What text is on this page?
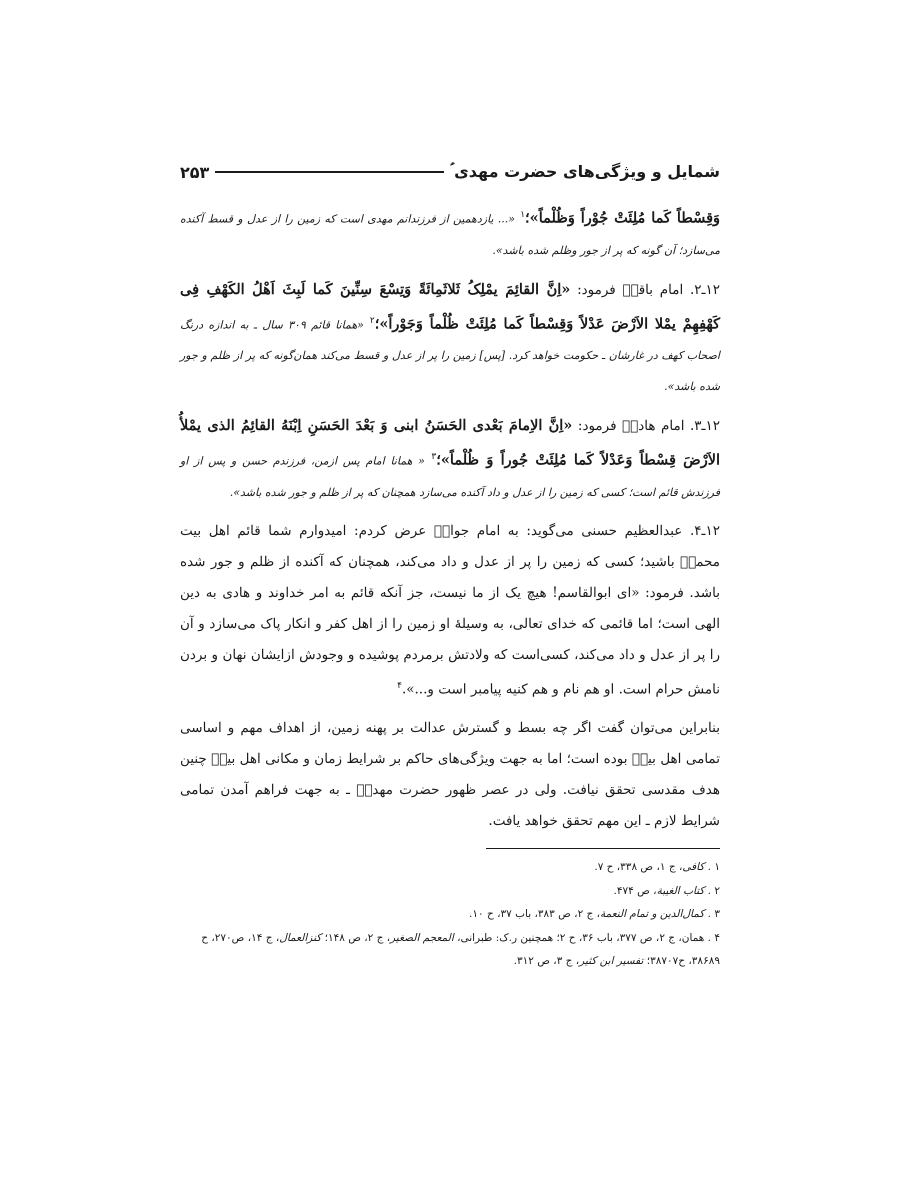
شمایل و ویژگی‌های حضرت مهدی ؑ
۲۵۳

وَقِسْطاً کَما مُلِئَتْ جُوْراً وَظُلْماً»؛$^۱$ «... یازدهمین از فرزندانم مهدی است که زمین را از عدل و قسط آکنده می‌سازد؛ آن گونه که پر از جور وظلم شده باشد».

۱۲ـ۲. امام باقرؑ فرمود: «اِنَّ القائِمَ یمْلِکُ ثَلاثَمِائَةً وَتِسْعَ سِنِّینَ کَما لَبِثَ اَهْلُ الکَهْفِ فِی کَهْفِهِمْ یمْلا الاَرْضَ عَدْلاً وَقِسْطاً کَما مُلِئَتْ ظُلْماً وَجَوْراً»؛$^۲$ «همانا قائم ۳۰۹ سال ـ به اندازه درنگ اصحاب کهف در غارشان ـ حکومت خواهد کرد. [پس] زمین را پر از عدل و قسط می‌کند همان‌گونه که پر از ظلم و جور شده باشد».

۱۲ـ۳. امام هادیؑ فرمود: «اِنَّ الاِمامَ بَعْدی الحَسَنُ ابنی وَ بَعْدَ الحَسَنِ اِبْنَهُ القائِمُ الذی یمْلأُ الاَرْضَ قِسْطاً وَعَدْلاً کَما مُلِئَتْ جُوراً وَ ظُلْماً»؛$^۳$ « همانا امام پس ازمن، فرزندم حسن و پس از او فرزندش قائم است؛ کسی که زمین را از عدل و داد آکنده می‌سازد همچنان که پر از ظلم و جور شده باشد».

۱۲ـ۴. عبدالعظیم حسنی می‌گوید: به امام جوادؑ عرض کردم: امیدوارم شما قائم اهل بیت محمدؐ باشید؛ کسی که زمین را پر از عدل و داد می‌کند، همچنان که آکنده از ظلم و جور شده باشد. فرمود: «ای ابوالقاسم! هیچ یک از ما نیست، جز آنکه قائم به امر خداوند و هادی به دین الهی است؛ اما قائمی که خدای تعالی، به وسیلهٔ او زمین را از اهل کفر و انکار پاک می‌سازد و آن را پر از عدل و داد می‌کند، کسی‌است که ولادتش برمردم پوشیده و وجودش ازایشان نهان و بردن نامش حرام است. او هم نام و هم کنیه پیامبر است و...».$^۴$

بنابراین می‌توان گفت اگر چه بسط و گسترش عدالت بر پهنه زمین، از اهداف مهم و اساسی تمامی اهل بیتؑ بوده است؛ اما به جهت ویژگی‌های حاکم بر شرایط زمان و مکانی اهل بیتؑ چنین هدف مقدسی تحقق نیافت. ولی در عصر ظهور حضرت مهدیؑ ـ به جهت فراهم آمدن تمامی شرایط لازم ـ این مهم تحقق خواهد یافت.

۱ . کافی، ج ۱، ص ۳۳۸، ح ۷.

۲ . کتاب الغیبة، ص ۴۷۴.

۳ . کمال‌الدین و تمام النعمة، ج ۲، ص ۳۸۳، باب ۳۷، ح ۱۰.

۴ . همان، ج ۲، ص ۳۷۷، باب ۳۶، ح ۲؛ همچنین ر.ک: طبرانی، المعجم الصغیر، ج ۲، ص ۱۴۸؛ کنزالعمال، ج ۱۴، ص۲۷۰، ح ۳۸۶۸۹، ح۳۸۷۰۷؛ تفسیر ابن کثیر، ج ۳، ص ۳۱۲.
